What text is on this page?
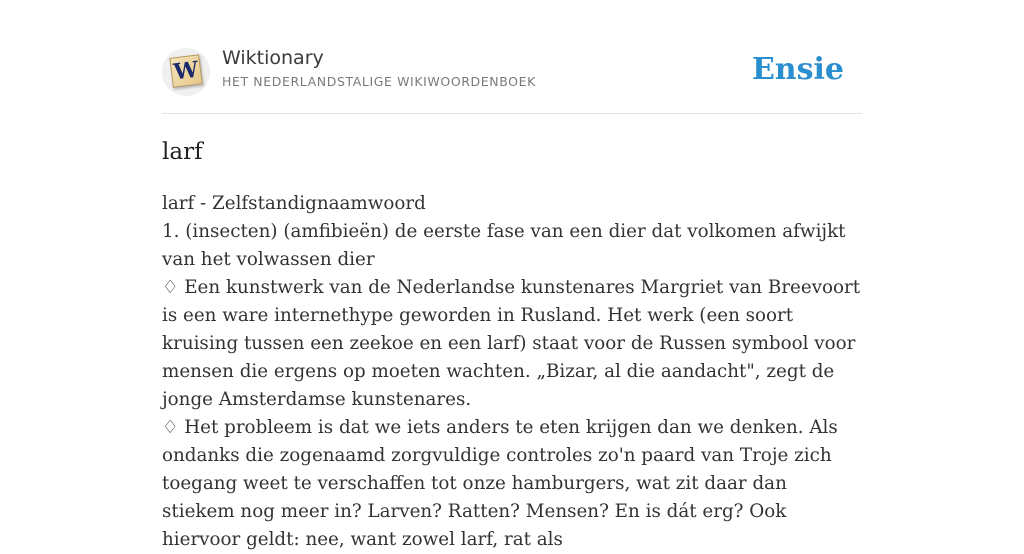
W Wiktionary
HET NEDERLANDSTALIGE WIKIWOORDENBOEK	Ensie
larf

larf - Zelfstandignaamwoord

1. (insecten) (amfibieën) de eerste fase van een dier dat volkomen afwijkt van het volwassen dier

♢ Een kunstwerk van de Nederlandse kunstenares Margriet van Breevoort is een ware internethype geworden in Rusland. Het werk (een soort kruising tussen een zeekoe en een larf) staat voor de Russen symbool voor mensen die ergens op moeten wachten. „Bizar, al die aandacht", zegt de jonge Amsterdamse kunstenares.

♢ Het probleem is dat we iets anders te eten krijgen dan we denken. Als ondanks die zogenaamd zorgvuldige controles zo'n paard van Troje zich toegang weet te verschaffen tot onze hamburgers, wat zit daar dan stiekem nog meer in? Larven? Ratten? Mensen? En is dát erg? Ook hiervoor geldt: nee, want zowel larf, rat als
